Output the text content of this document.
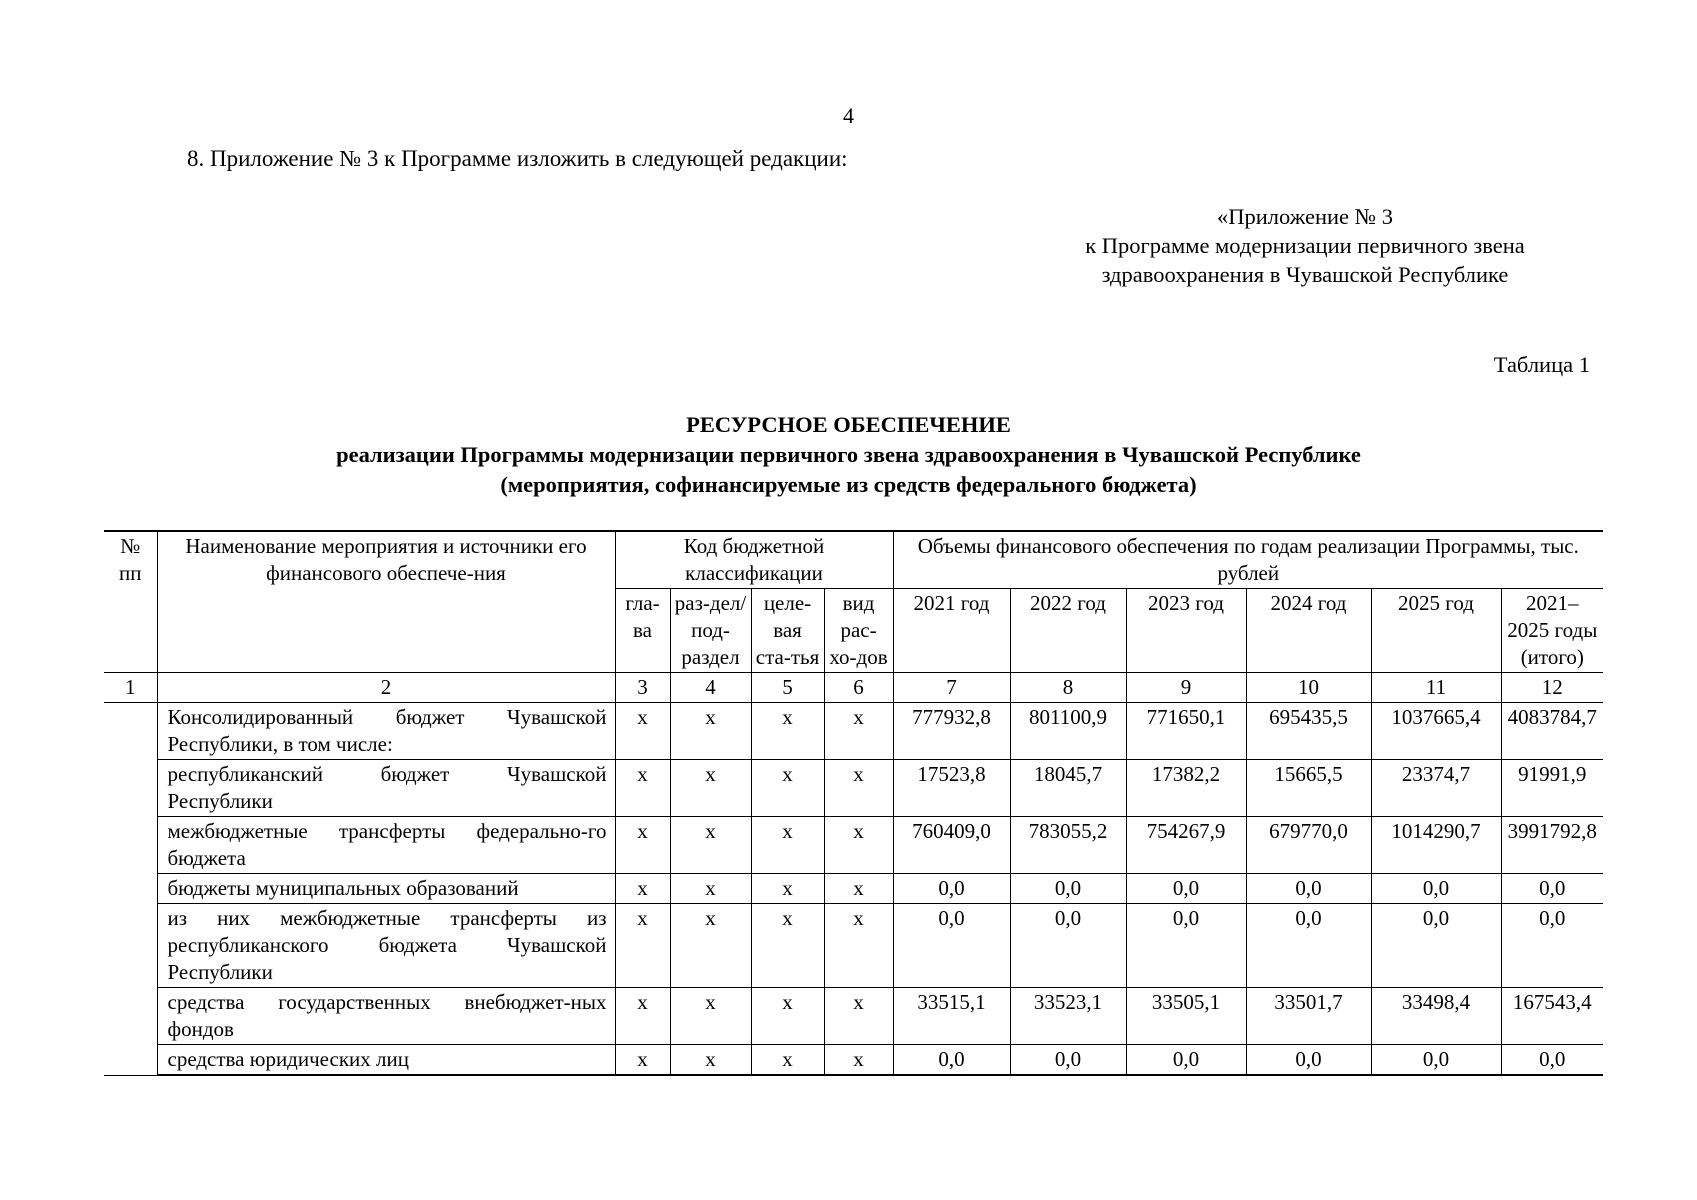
4
8. Приложение № 3 к Программе изложить в следующей редакции:
«Приложение № 3
к Программе модернизации первичного звена
здравоохранения в Чувашской Республике
Таблица 1
РЕСУРСНОЕ ОБЕСПЕЧЕНИЕ
реализации Программы модернизации первичного звена здравоохранения в Чувашской Республике
(мероприятия, софинансируемые из средств федерального бюджета)
№ пп	Наименование мероприятия и источники его финансового обеспече-ния	Код бюджетной классификации				Объемы финансового обеспечения по годам реализации Программы, тыс. рублей					
		гла-ва	раз-дел/ под-раздел	целе-вая ста-тья	вид рас-хо-дов	2021 год	2022 год	2023 год	2024 год	2025 год	2021– 2025 годы (итого)
1	2	3	4	5	6	7	8	9	10	11	12
	Консолидированный бюджет Чувашской Республики, в том числе:	х	х	х	х	777932,8	801100,9	771650,1	695435,5	1037665,4	4083784,7
	республиканский бюджет Чувашской Республики	х	х	х	х	17523,8	18045,7	17382,2	15665,5	23374,7	91991,9
	межбюджетные трансферты федерально-го бюджета	х	х	х	х	760409,0	783055,2	754267,9	679770,0	1014290,7	3991792,8
	бюджеты муниципальных образований	х	х	х	х	0,0	0,0	0,0	0,0	0,0	0,0
	из них межбюджетные трансферты из республиканского бюджета Чувашской Республики	х	х	х	х	0,0	0,0	0,0	0,0	0,0	0,0
	средства государственных внебюджет-ных фондов	х	х	х	х	33515,1	33523,1	33505,1	33501,7	33498,4	167543,4
	средства юридических лиц	х	х	х	х	0,0	0,0	0,0	0,0	0,0	0,0
